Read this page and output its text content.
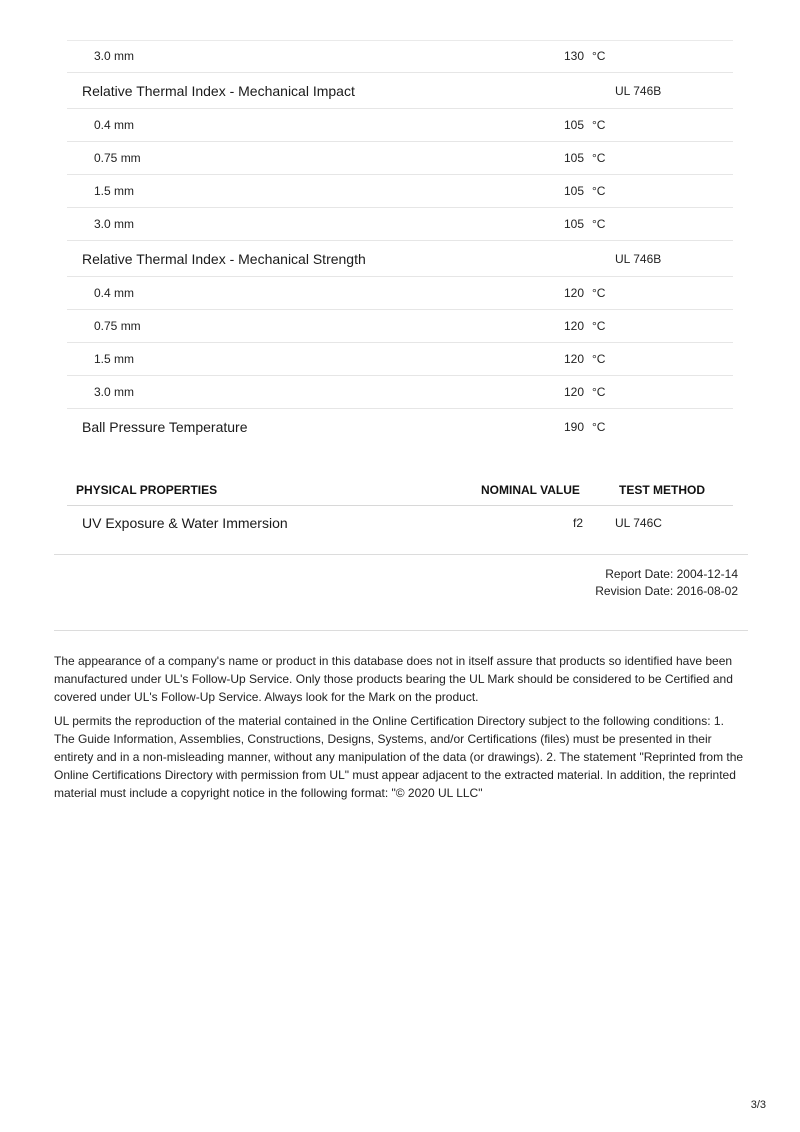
3.0 mm	130 °C
Relative Thermal Index - Mechanical Impact	UL 746B
0.4 mm	105 °C
0.75 mm	105 °C
1.5 mm	105 °C
3.0 mm	105 °C
Relative Thermal Index - Mechanical Strength	UL 746B
0.4 mm	120 °C
0.75 mm	120 °C
1.5 mm	120 °C
3.0 mm	120 °C
Ball Pressure Temperature	190 °C
PHYSICAL PROPERTIES	NOMINAL VALUE	TEST METHOD
UV Exposure & Water Immersion	f2	UL 746C
Report Date: 2004-12-14
Revision Date: 2016-08-02

The appearance of a company's name or product in this database does not in itself assure that products so identified have been manufactured under UL's Follow-Up Service. Only those products bearing the UL Mark should be considered to be Certified and covered under UL's Follow-Up Service. Always look for the Mark on the product.

UL permits the reproduction of the material contained in the Online Certification Directory subject to the following conditions: 1. The Guide Information, Assemblies, Constructions, Designs, Systems, and/or Certifications (files) must be presented in their entirety and in a non-misleading manner, without any manipulation of the data (or drawings). 2. The statement "Reprinted from the Online Certifications Directory with permission from UL" must appear adjacent to the extracted material. In addition, the reprinted material must include a copyright notice in the following format: "© 2020 UL LLC"

3/3
